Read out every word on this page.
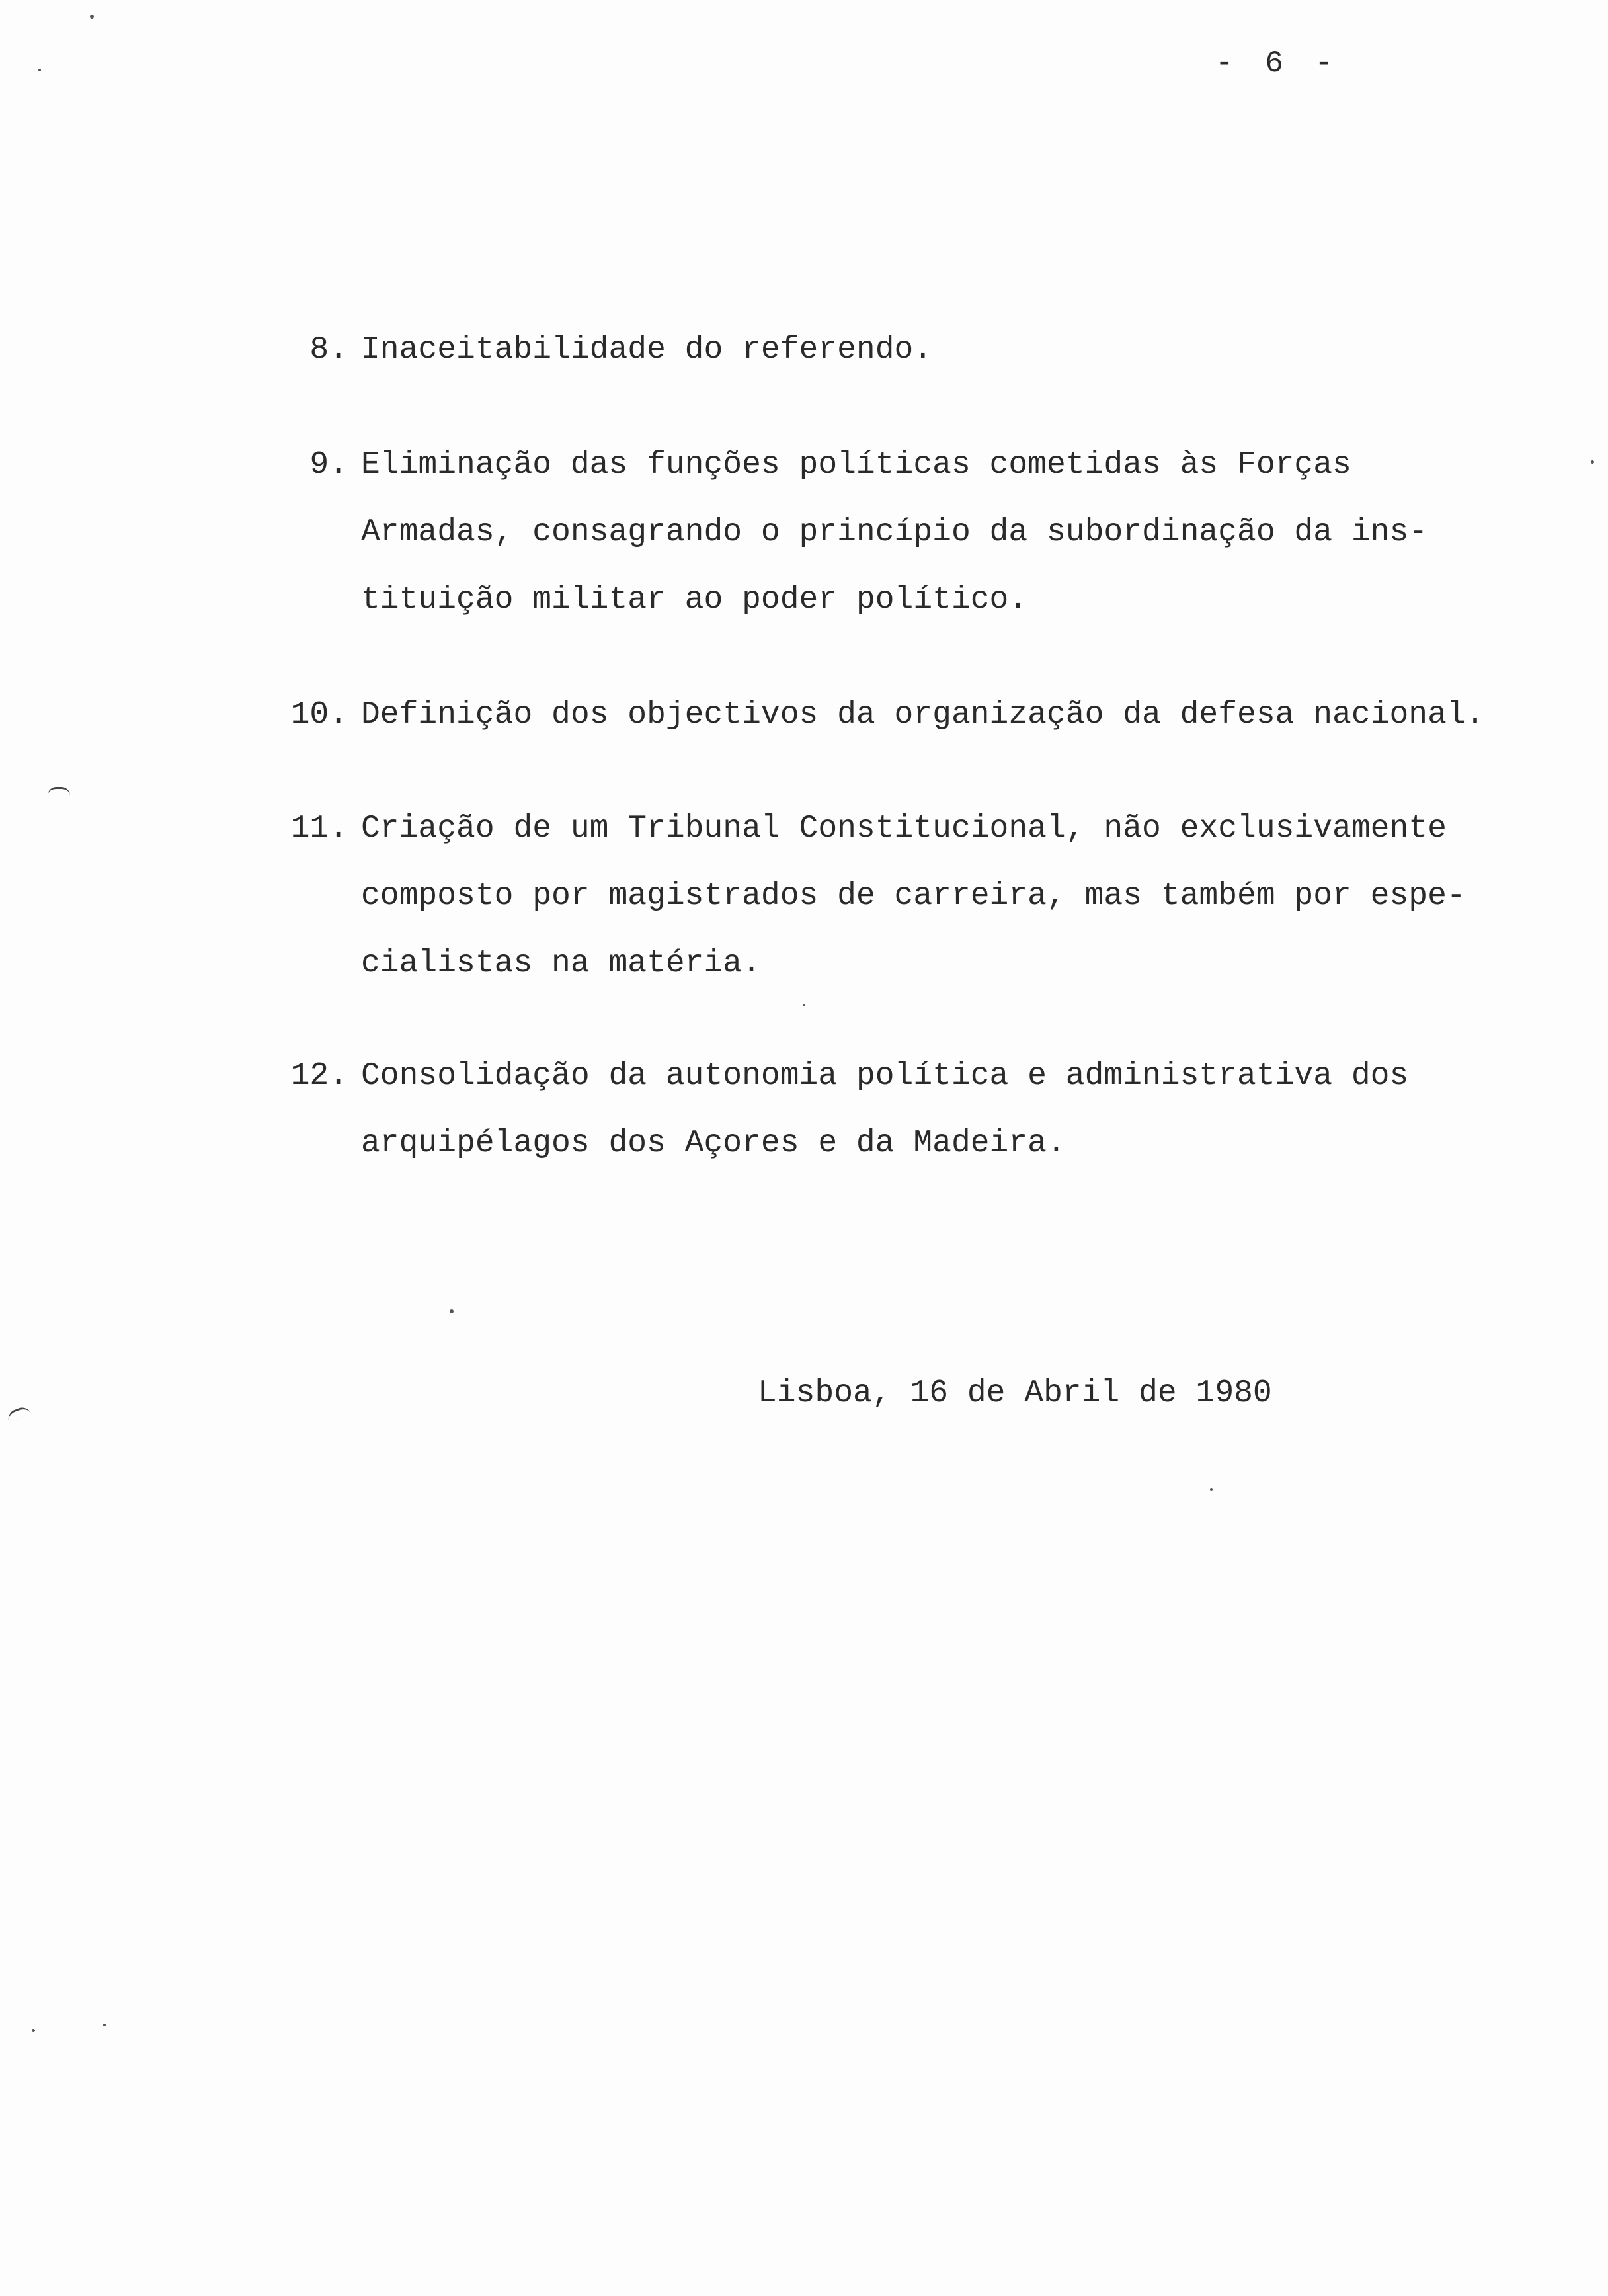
- 6 -
8. Inaceitabilidade do referendo.
9. Eliminação das funções políticas cometidas às Forças
Armadas, consagrando o princípio da subordinação da ins-
tituição militar ao poder político.
10. Definição dos objectivos da organização da defesa nacional.
11. Criação de um Tribunal Constitucional, não exclusivamente
composto por magistrados de carreira, mas também por espe-
cialistas na matéria.
12. Consolidação da autonomia política e administrativa dos
arquipélagos dos Açores e da Madeira.
Lisboa, 16 de Abril de 1980
